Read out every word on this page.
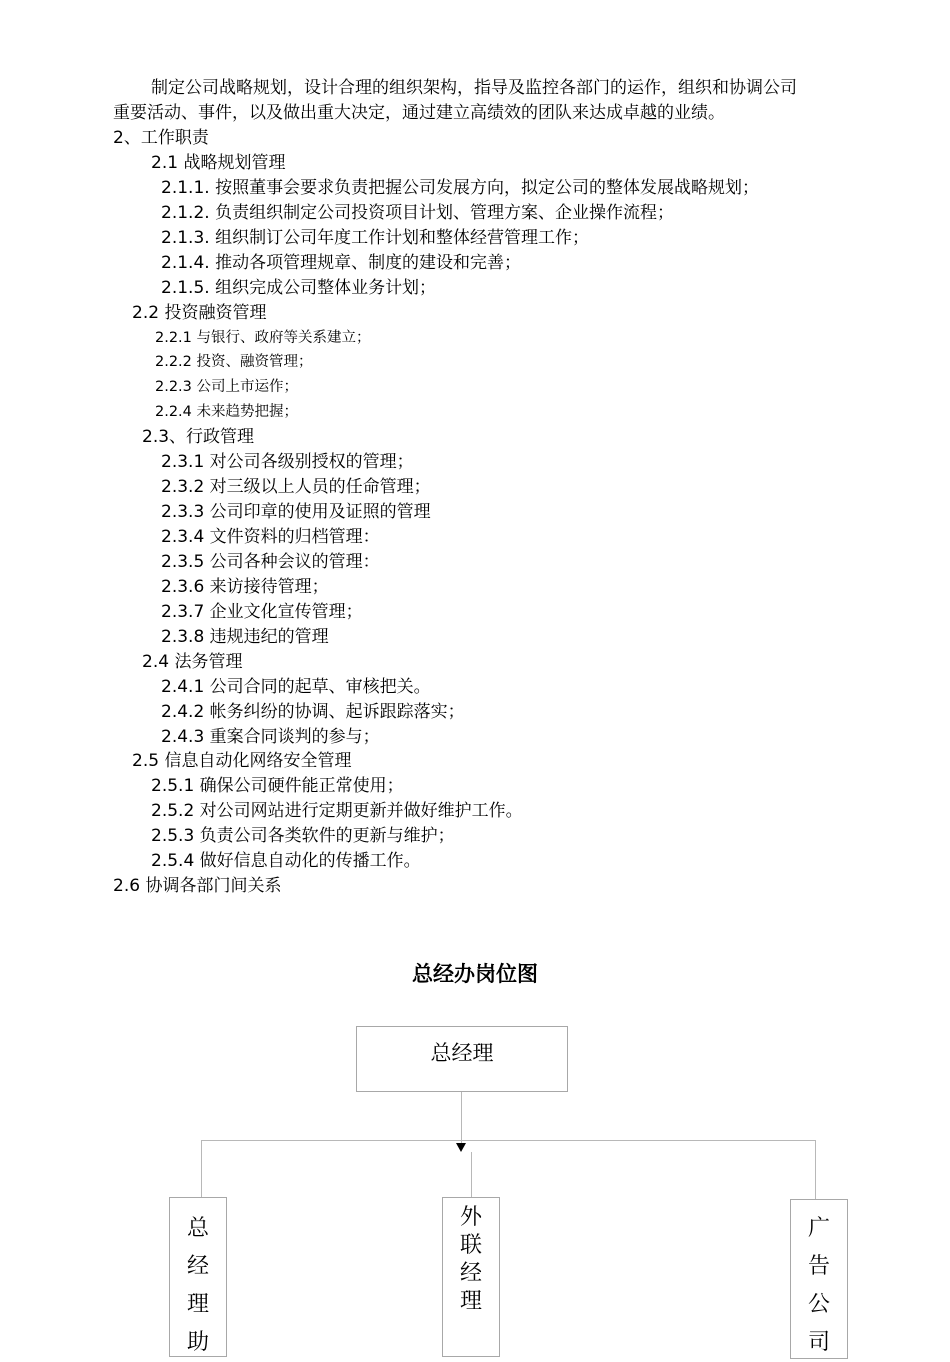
制定公司战略规划，设计合理的组织架构，指导及监控各部门的运作，组织和协调公司
重要活动、事件，以及做出重大决定，通过建立高绩效的团队来达成卓越的业绩。
2、工作职责
2.1 战略规划管理
2.1.1. 按照董事会要求负责把握公司发展方向，拟定公司的整体发展战略规划；
2.1.2. 负责组织制定公司投资项目计划、管理方案、企业操作流程；
2.1.3. 组织制订公司年度工作计划和整体经营管理工作；
2.1.4. 推动各项管理规章、制度的建设和完善；
2.1.5. 组织完成公司整体业务计划；
2.2 投资融资管理
2.2.1 与银行、政府等关系建立；
2.2.2 投资、融资管理；
2.2.3 公司上市运作；
2.2.4 未来趋势把握；
2.3、行政管理
2.3.1 对公司各级别授权的管理；
2.3.2 对三级以上人员的任命管理；
2.3.3 公司印章的使用及证照的管理
2.3.4 文件资料的归档管理：
2.3.5 公司各种会议的管理：
2.3.6 来访接待管理；
2.3.7 企业文化宣传管理；
2.3.8 违规违纪的管理
2.4 法务管理
2.4.1 公司合同的起草、审核把关。
2.4.2 帐务纠纷的协调、起诉跟踪落实；
2.4.3 重案合同谈判的参与；
2.5 信息自动化网络安全管理
2.5.1 确保公司硬件能正常使用；
2.5.2 对公司网站进行定期更新并做好维护工作。
2.5.3 负责公司各类软件的更新与维护；
2.5.4 做好信息自动化的传播工作。
2.6 协调各部门间关系
总经办岗位图
总经理
总
经
理
助
外
联
经
理
广
告
公
司
